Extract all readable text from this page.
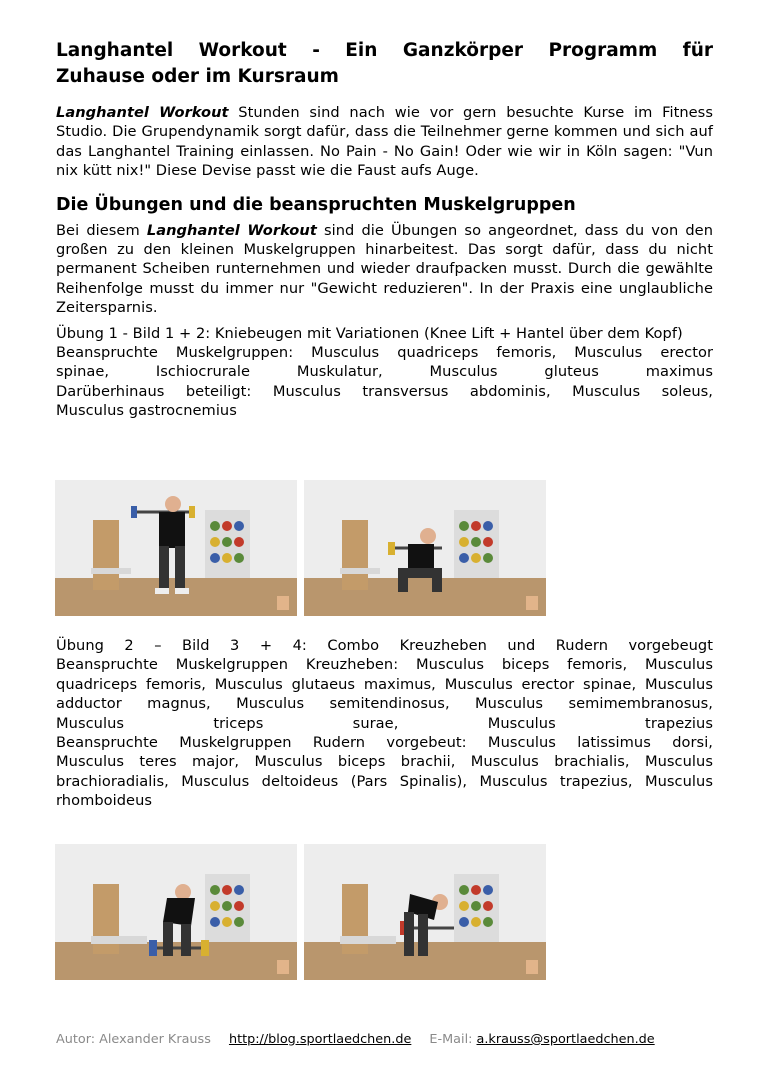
Langhantel Workout - Ein Ganzkörper Programm für
Zuhause oder im Kursraum

Langhantel Workout Stunden sind nach wie vor gern besuchte Kurse im Fitness Studio. Die Grupendynamik sorgt dafür, dass die Teilnehmer gerne kommen und sich auf das Langhantel Training einlassen. No Pain - No Gain! Oder wie wir in Köln sagen: "Vun nix kütt nix!" Diese Devise passt wie die Faust aufs Auge.

Die Übungen und die beanspruchten Muskelgruppen

Bei diesem Langhantel Workout sind die Übungen so angeordnet, dass du von den großen zu den kleinen Muskelgruppen hinarbeitest. Das sorgt dafür, dass du nicht permanent Scheiben runternehmen und wieder draufpacken musst. Durch die gewählte Reihenfolge musst du immer nur "Gewicht reduzieren". In der Praxis eine unglaubliche Zeitersparnis.

Übung 1 - Bild 1 + 2: Kniebeugen mit Variationen (Knee Lift + Hantel über dem Kopf)

Beanspruchte Muskelgruppen: Musculus quadriceps femoris, Musculus erector
spinae, Ischiocrurale Muskulatur, Musculus gluteus maximus
Darüberhinaus beteiligt: Musculus transversus abdominis, Musculus soleus,
Musculus gastrocnemius

Übung 2 – Bild 3 + 4: Combo Kreuzheben und Rudern vorgebeugt
Beanspruchte Muskelgruppen Kreuzheben: Musculus biceps femoris, Musculus
quadriceps femoris, Musculus glutaeus maximus, Musculus erector spinae, Musculus
adductor magnus, Musculus semitendinosus, Musculus semimembranosus,
Musculus triceps surae, Musculus trapezius
Beanspruchte Muskelgruppen Rudern vorgebeut: Musculus latissimus dorsi,
Musculus teres major, Musculus biceps brachii, Musculus brachialis, Musculus
brachioradialis, Musculus deltoideus (Pars Spinalis), Musculus trapezius, Musculus
rhomboideus

Autor: Alexander Krauss http://blog.sportlaedchen.de E-Mail: a.krauss@sportlaedchen.de
